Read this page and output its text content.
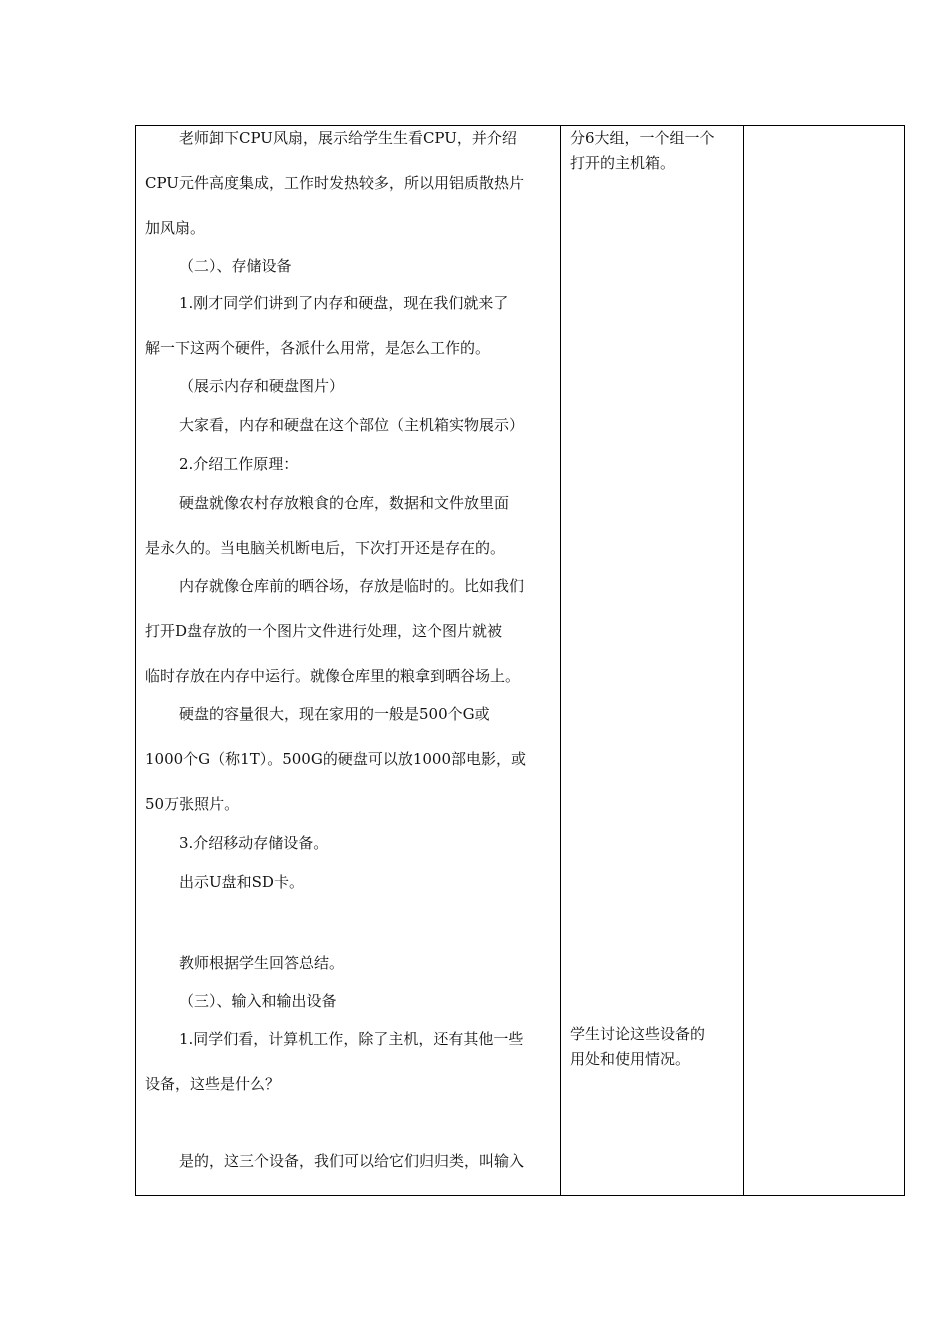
老师卸下CPU风扇，展示给学生生看CPU，并介绍

CPU元件高度集成，工作时发热较多，所以用铝质散热片

加风扇。

（二）、存储设备

1.刚才同学们讲到了内存和硬盘，现在我们就来了

解一下这两个硬件，各派什么用常，是怎么工作的。

（展示内存和硬盘图片）

大家看，内存和硬盘在这个部位（主机箱实物展示）

2.介绍工作原理：

硬盘就像农村存放粮食的仓库，数据和文件放里面

是永久的。当电脑关机断电后，下次打开还是存在的。

内存就像仓库前的晒谷场，存放是临时的。比如我们

打开D盘存放的一个图片文件进行处理，这个图片就被

临时存放在内存中运行。就像仓库里的粮拿到晒谷场上。

硬盘的容量很大，现在家用的一般是500个G或

1000个G（称1T）。500G的硬盘可以放1000部电影，或

50万张照片。

3.介绍移动存储设备。

出示U盘和SD卡。

教师根据学生回答总结。

（三）、输入和输出设备

1.同学们看，计算机工作，除了主机，还有其他一些

设备，这些是什么？

是的，这三个设备，我们可以给它们归归类，叫输入

分6大组，一个组一个

打开的主机箱。

学生讨论这些设备的

用处和使用情况。
